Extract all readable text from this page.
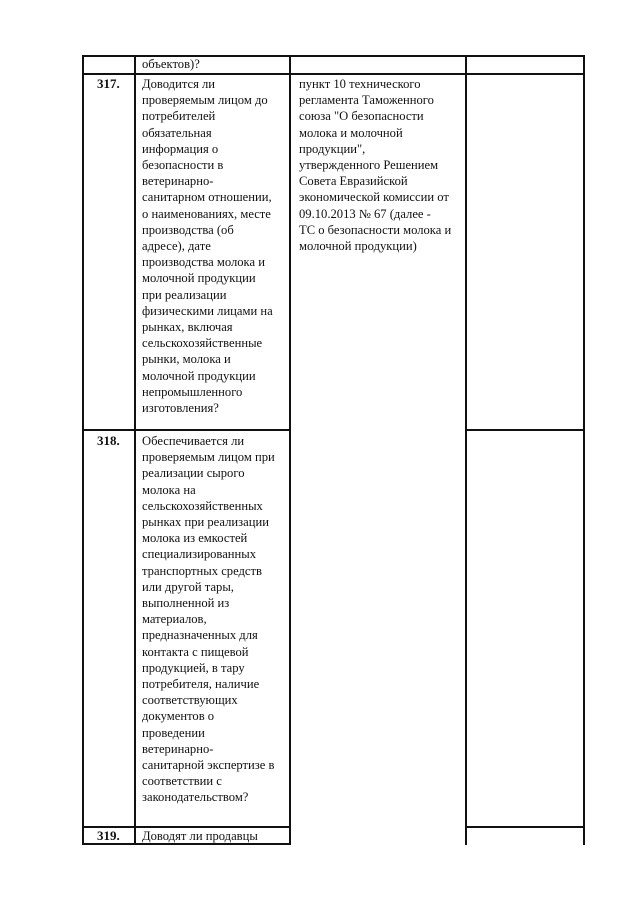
объектов)?
317. Доводится ли
проверяемым лицом до
потребителей
обязательная
информация о
безопасности в
ветеринарно-
санитарном отношении,
о наименованиях, месте
производства (об
адресе), дате
производства молока и
молочной продукции
при реализации
физическими лицами на
рынках, включая
сельскохозяйственные
рынки, молока и
молочной продукции
непромышленного
изготовления?
пункт 10 технического
регламента Таможенного
союза "О безопасности
молока и молочной
продукции",
утвержденного Решением
Совета Евразийской
экономической комиссии от
09.10.2013 № 67 (далее -
ТС о безопасности молока и
молочной продукции)
318. Обеспечивается ли
проверяемым лицом при
реализации сырого
молока на
сельскохозяйственных
рынках при реализации
молока из емкостей
специализированных
транспортных средств
или другой тары,
выполненной из
материалов,
предназначенных для
контакта с пищевой
продукцией, в тару
потребителя, наличие
соответствующих
документов о
проведении
ветеринарно-
санитарной экспертизе в
соответствии с
законодательством?
319. Доводят ли продавцы
